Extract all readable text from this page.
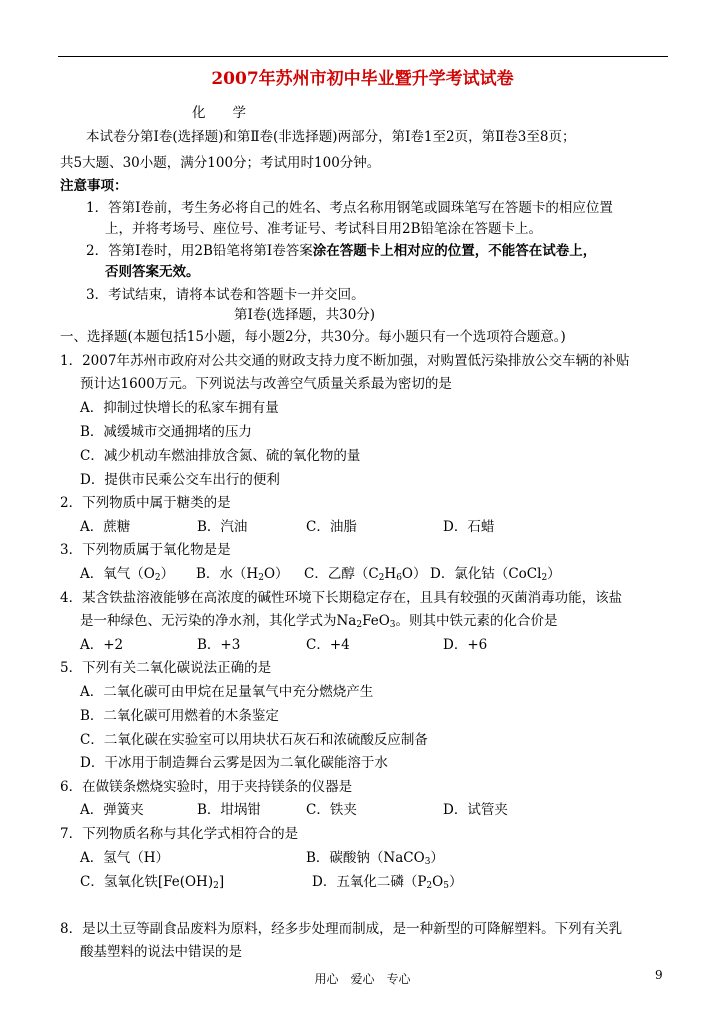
2007年苏州市初中毕业暨升学考试试卷
化　　学
本试卷分第Ⅰ卷(选择题)和第Ⅱ卷(非选择题)两部分，第Ⅰ卷1至2页，第Ⅱ卷3至8页；
共5大题、30小题，满分100分；考试用时100分钟。
注意事项：
1．答第Ⅰ卷前，考生务必将自己的姓名、考点名称用钢笔或圆珠笔写在答题卡的相应位置
上，并将考场号、座位号、准考证号、考试科目用2B铅笔涂在答题卡上。
2．答第Ⅰ卷时，用2B铅笔将第Ⅰ卷答案涂在答题卡上相对应的位置，不能答在试卷上，
否则答案无效。
3．考试结束，请将本试卷和答题卡一并交回。
第Ⅰ卷(选择题，共30分)
一、选择题(本题包括15小题，每小题2分，共30分。每小题只有一个选项符合题意。)
1．2007年苏州市政府对公共交通的财政支持力度不断加强，对购置低污染排放公交车辆的补贴
预计达1600万元。下列说法与改善空气质量关系最为密切的是
A．抑制过快增长的私家车拥有量
B．减缓城市交通拥堵的压力
C．减少机动车燃油排放含氮、硫的氧化物的量
D．提供市民乘公交车出行的便利
2．下列物质中属于糖类的是
A．蔗糖	B．汽油	C．油脂	D．石蜡
3．下列物质属于氧化物是是
A．氧气$(O_2)$ B．水$(H_2O)$ C．乙醇$(C_2H_6O)$ D．氯化钴（CoCl$_2$）
4．某含铁盐溶液能够在高浓度的碱性环境下长期稳定存在，且具有较强的灭菌消毒功能，该盐
是一种绿色、无污染的净水剂，其化学式为$Na_2FeO_3$。则其中铁元素的化合价是
A．+2	B．+3	C．+4	D．+6
5．下列有关二氧化碳说法正确的是
A．二氧化碳可由甲烷在足量氧气中充分燃烧产生
B．二氧化碳可用燃着的木条鉴定
C．二氧化碳在实验室可以用块状石灰石和浓硫酸反应制备
D．干冰用于制造舞台云雾是因为二氧化碳能溶于水
6．在做镁条燃烧实验时，用于夹持镁条的仪器是
A．弹簧夹	B．坩埚钳	C．铁夹	D．试管夹
7．下列物质名称与其化学式相符合的是
A．氢气（H）	B．碳酸钠（NaCO$_3$）
C．氢氧化铁$[Fe(OH)_2]$	D．五氧化二磷$(P_2O_5)$
8．是以土豆等副食品废料为原料，经多步处理而制成，是一种新型的可降解塑料。下列有关乳
酸基塑料的说法中错误的是
用心　爱心　专心	9
